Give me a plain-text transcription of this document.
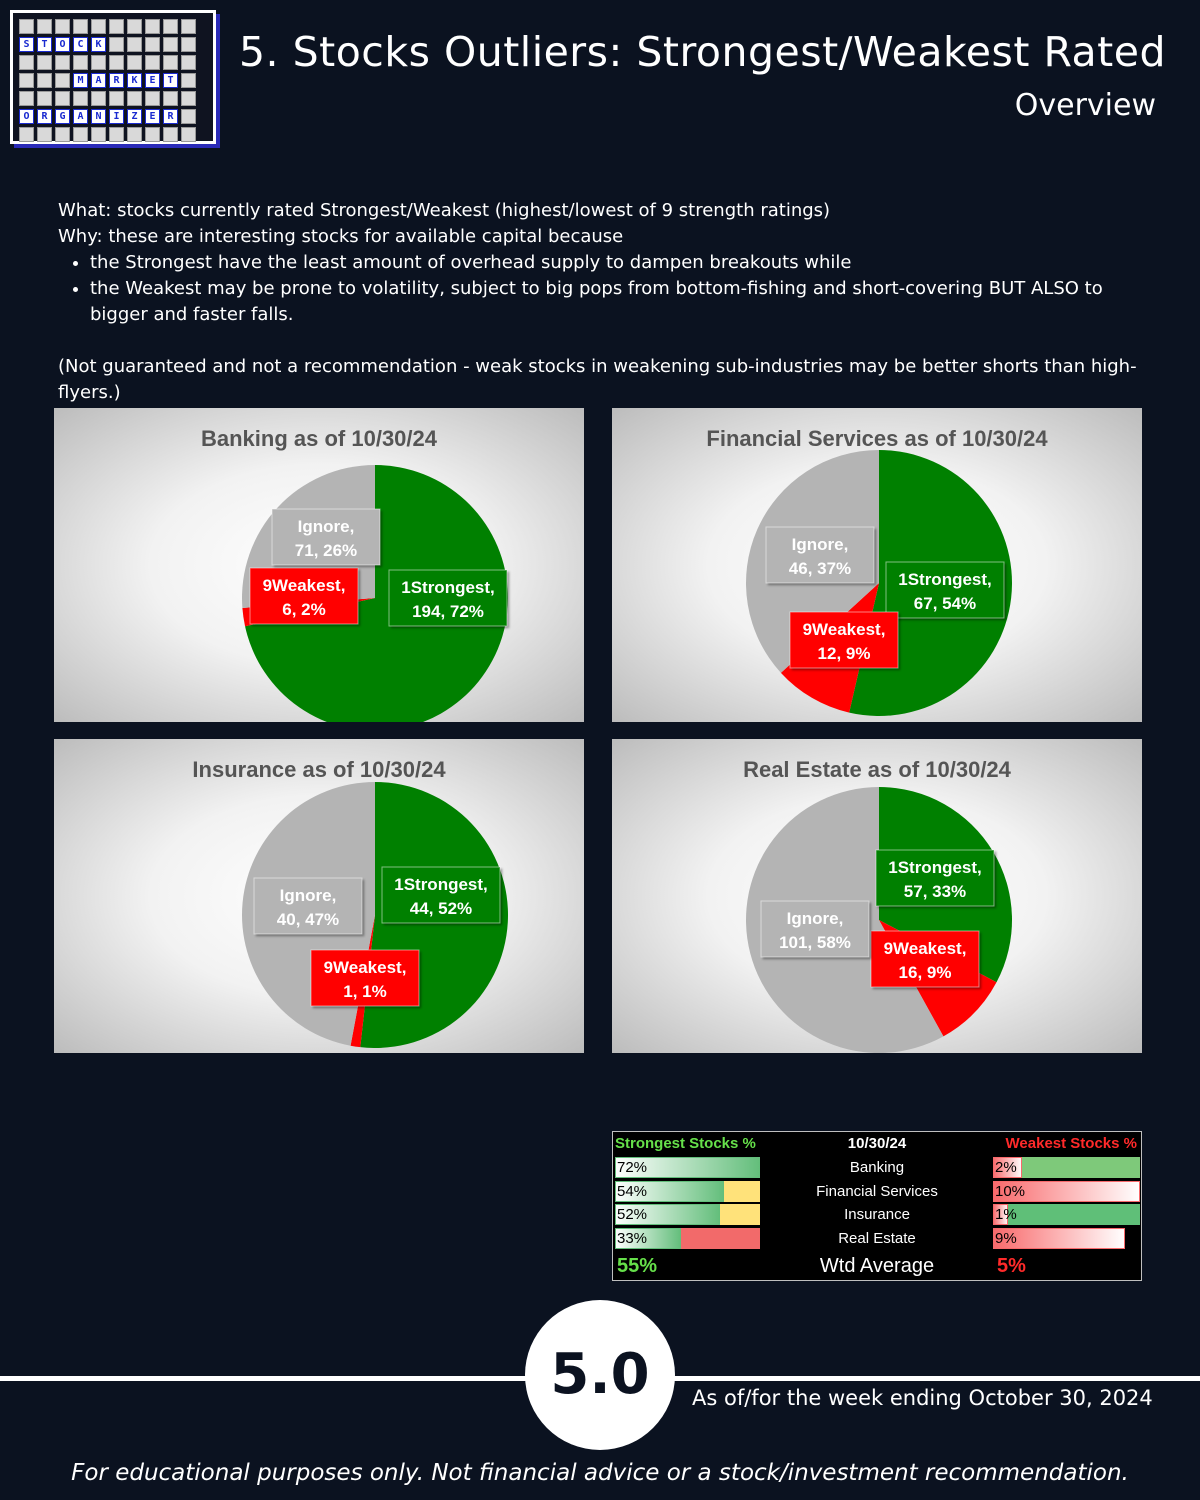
S	T	O	C	K
M	A	R	K	E	T
O	R	G	A	N	I	Z	E	R
5. Stocks Outliers: Strongest/Weakest Rated
Overview

What: stocks currently rated Strongest/Weakest (highest/lowest of 9 strength ratings)

Why: these are interesting stocks for available capital because

• the Strongest have the least amount of overhead supply to dampen breakouts while
• the Weakest may be prone to volatility, subject to big pops from bottom-fishing and short-covering BUT ALSO to bigger and faster falls.

(Not guaranteed and not a recommendation - weak stocks in weakening sub-industries may be better shorts than high-flyers.)

Banking as of 10/30/24
1Strongest,
194, 72%
9Weakest,
6, 2%
Ignore,
71, 26%
Financial Services as of 10/30/24
1Strongest,
67, 54%
9Weakest,
12, 9%
Ignore,
46, 37%
Insurance as of 10/30/24
1Strongest,
44, 52%
9Weakest,
1, 1%
Ignore,
40, 47%
Real Estate as of 10/30/24
1Strongest,
57, 33%
9Weakest,
16, 9%
Ignore,
101, 58%
Strongest Stocks %	10/30/24	Weakest Stocks %
72%	Banking	2%
54%	Financial Services	10%
52%	Insurance	1%
33%	Real Estate	9%
55%	Wtd Average	5%
5.0	As of/for the week ending October 30, 2024
For educational purposes only. Not financial advice or a stock/investment recommendation.
